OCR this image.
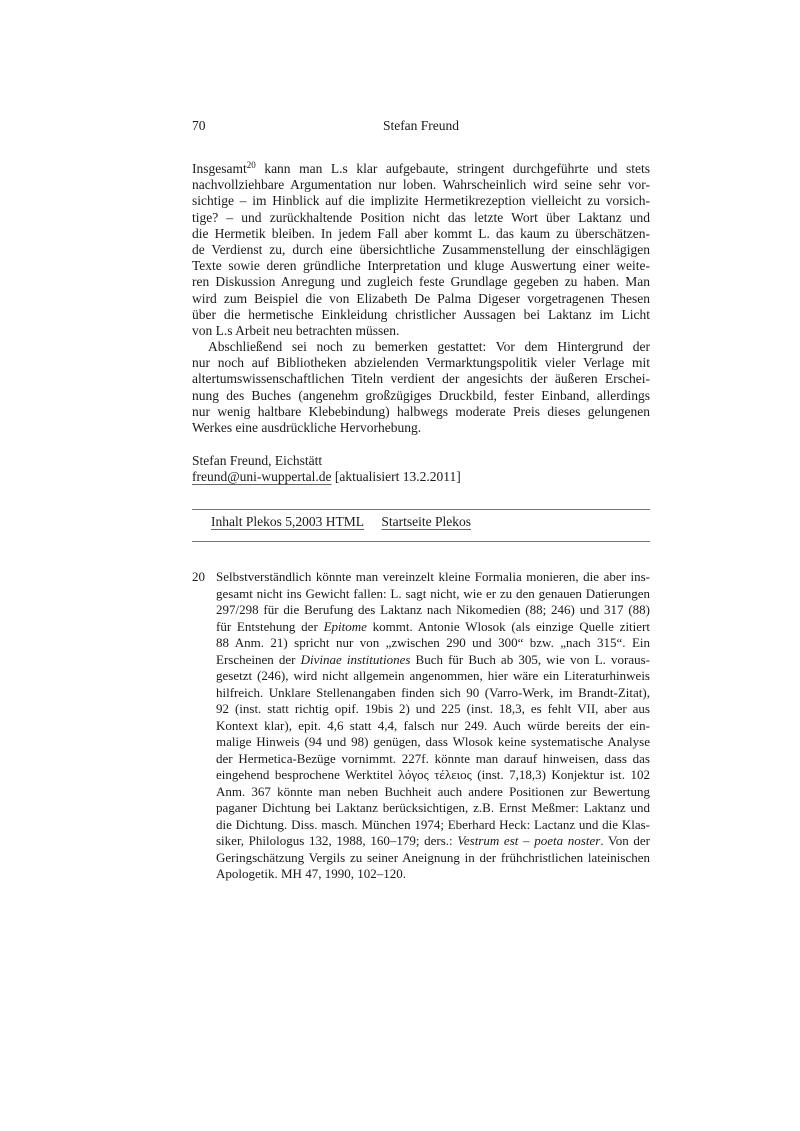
70	Stefan Freund
Insgesamt$^{20}$ kann man L.s klar aufgebaute, stringent durchgeführte und stets
nachvollziehbare Argumentation nur loben. Wahrscheinlich wird seine sehr vor-
sichtige – im Hinblick auf die implizite Hermetikrezeption vielleicht zu vorsich-
tige? – und zurückhaltende Position nicht das letzte Wort über Laktanz und
die Hermetik bleiben. In jedem Fall aber kommt L. das kaum zu überschätzen-
de Verdienst zu, durch eine übersichtliche Zusammenstellung der einschlägigen
Texte sowie deren gründliche Interpretation und kluge Auswertung einer weite-
ren Diskussion Anregung und zugleich feste Grundlage gegeben zu haben. Man
wird zum Beispiel die von Elizabeth De Palma Digeser vorgetragenen Thesen
über die hermetische Einkleidung christlicher Aussagen bei Laktanz im Licht
von L.s Arbeit neu betrachten müssen.
Abschließend sei noch zu bemerken gestattet: Vor dem Hintergrund der
nur noch auf Bibliotheken abzielenden Vermarktungspolitik vieler Verlage mit
altertumswissenschaftlichen Titeln verdient der angesichts der äußeren Erschei-
nung des Buches (angenehm großzügiges Druckbild, fester Einband, allerdings
nur wenig haltbare Klebebindung) halbwegs moderate Preis dieses gelungenen
Werkes eine ausdrückliche Hervorhebung.
Stefan Freund, Eichstätt
freund@uni-wuppertal.de [aktualisiert 13.2.2011]
Inhalt Plekos 5,2003 HTML Startseite Plekos
20 Selbstverständlich könnte man vereinzelt kleine Formalia monieren, die aber ins-
gesamt nicht ins Gewicht fallen: L. sagt nicht, wie er zu den genauen Datierungen
297/298 für die Berufung des Laktanz nach Nikomedien (88; 246) und 317 (88)
für Entstehung der Epitome kommt. Antonie Wlosok (als einzige Quelle zitiert
88 Anm. 21) spricht nur von „zwischen 290 und 300“ bzw. „nach 315“. Ein
Erscheinen der Divinae institutiones Buch für Buch ab 305, wie von L. voraus-
gesetzt (246), wird nicht allgemein angenommen, hier wäre ein Literaturhinweis
hilfreich. Unklare Stellenangaben finden sich 90 (Varro-Werk, im Brandt-Zitat),
92 (inst. statt richtig opif. 19bis 2) und 225 (inst. 18,3, es fehlt VII, aber aus
Kontext klar), epit. 4,6 statt 4,4, falsch nur 249. Auch würde bereits der ein-
malige Hinweis (94 und 98) genügen, dass Wlosok keine systematische Analyse
der Hermetica-Bezüge vornimmt. 227f. könnte man darauf hinweisen, dass das
eingehend besprochene Werktitel λόγος τέλειος (inst. 7,18,3) Konjektur ist. 102
Anm. 367 könnte man neben Buchheit auch andere Positionen zur Bewertung
paganer Dichtung bei Laktanz berücksichtigen, z.B. Ernst Meßmer: Laktanz und
die Dichtung. Diss. masch. München 1974; Eberhard Heck: Lactanz und die Klas-
siker, Philologus 132, 1988, 160–179; ders.: Vestrum est – poeta noster. Von der
Geringschätzung Vergils zu seiner Aneignung in der frühchristlichen lateinischen
Apologetik. MH 47, 1990, 102–120.
